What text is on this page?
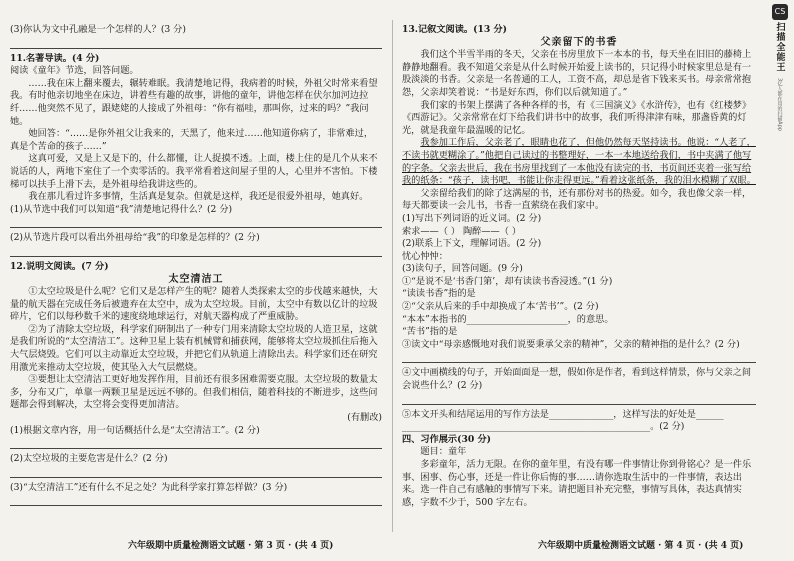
(3)你认为文中孔融是一个怎样的人？(3 分)
11.名著导读。(4 分)
阅读《童年》节选，回答问题。
……我在床上翻来覆去，辗转难眠。我清楚地记得，我病着的时候，外祖父时常来看望我。有时他亲切地坐在床边，讲着些有趣的故事，讲他的童年，讲他怎样在伏尔加河边拉纤……他突然不见了，跟姥姥的人接成了外祖母：“你有福哇，那叫你，过来的吗？”我问她。
她回答：“……是你外祖父让我来的，天黑了，他来过……他知道你病了，非常难过，真是个苦命的孩子……”
这真可爱，又是上又是下的，什么都懂，让人捉摸不透。上面，楼上住的是几个从来不说话的人，两地下室住了一个卖零活的。我平常看着这间屋子里的人，心里并不害怕。下楼梯可以扶手上滑下去，是外祖母给我讲这些的。
我在那儿看过许多事情，生活真是复杂。但就是这样，我还是很爱外祖母，她真好。
(1)从节选中我们可以知道“我”清楚地记得什么？(2 分)
(2)从节选片段可以看出外祖母给“我”的印象是怎样的？(2 分)
12.说明文阅读。(7 分)
太空清洁工
①太空垃圾是什么呢？它们又是怎样产生的呢？随着人类探索太空的步伐越来越快，大量的航天器在完成任务后被遗弃在太空中，成为太空垃圾。目前，太空中有数以亿计的垃圾碎片，它们以每秒数千米的速度绕地球运行，对航天器构成了严重威胁。
②为了清除太空垃圾，科学家们研制出了一种专门用来清除太空垃圾的人造卫星，这就是我们所说的“太空清洁工”。这种卫星上装有机械臂和捕获网，能够将太空垃圾抓住后拖入大气层烧毁。它们可以主动靠近太空垃圾，并把它们从轨道上清除出去。科学家们还在研究用激光来推动太空垃圾，使其坠入大气层燃烧。
③要想让太空清洁工更好地发挥作用，目前还有很多困难需要克服。太空垃圾的数量太多，分布又广，单靠一两颗卫星是远远不够的。但我们相信，随着科技的不断进步，这些问题都会得到解决，太空将会变得更加清洁。
(有删改)
(1)根据文章内容，用一句话概括什么是“太空清洁工”。(2 分)
(2)太空垃圾的主要危害是什么？(2 分)
(3)“太空清洁工”还有什么不足之处？为此科学家打算怎样做？(3 分)
13.记叙文阅读。(13 分)
父亲留下的书香
我们这个半雪半雨的冬天，父亲在书房里放下一本本的书，每天坐在旧旧的藤椅上静静地翻看。我不知道父亲是从什么时候开始爱上读书的，只记得小时候家里总是有一股淡淡的书香。父亲是一名普通的工人，工资不高，却总是省下钱来买书。母亲常常抱怨，父亲却笑着说：“书是好东西，你们以后就知道了。”
我们家的书架上摆满了各种各样的书，有《三国演义》《水浒传》，也有《红楼梦》《西游记》。父亲常常在灯下给我们讲书中的故事，我们听得津津有味，那盏昏黄的灯光，就是我童年最温暖的记忆。
我参加工作后，父亲老了，眼睛也花了，但他仍然每天坚持读书。他说：“人老了，不读书就更糊涂了。”他把自己读过的书整理好，一本一本地送给我们，书中夹满了他写的字条。父亲去世后，我在书房里找到了一本他没有读完的书，书页间还夹着一张写给我的纸条：“孩子，读书吧，书能让你走得更远。”看着这张纸条，我的泪水模糊了双眼。
父亲留给我们的除了这满屋的书，还有那份对书的热爱。如今，我也像父亲一样，每天都要读一会儿书，书香一直萦绕在我们家中。
(1)写出下列词语的近义词。(2 分)
索求——（ ） 陶醉——（ ）
(2)联系上下文，理解词语。(2 分)
忧心忡忡：
(3)读句子，回答问题。(9 分)
①“是说不是‘书香门第’，却有读读书香浸透。”(1 分)
“读读书香”指的是
②“父亲从后来的手中却换成了本‘苦书’”。(2 分)
“本本”本指书的______________________，的意思。
“苦书”指的是
③读文中“母亲感慨地对我们说要秉承父亲的精神”，父亲的精神指的是什么？(2 分)
④文中画横线的句子，开始面面是一想，假如你是作者，看到这样情景，你与父亲之间会说些什么？(2 分)
⑤本文开头和结尾运用的写作方法是______________，这样写法的好处是______
______________________________________________________。(2 分)
四、习作展示(30 分)
题目：童年
多彩童年，活力无限。在你的童年里，有没有哪一件事情让你到骨铭心？是一件乐事、困事、伤心事，还是一件让你后悔的事……请你选取生活中的一件事情，表达出来。选一件自己有感触的事情写下来。请把题目补充完整，事情写具体，表达真情实感，字数不少于，500 字左右。
六年级期中质量检测语文试题 · 第 3 页 · (共 4 页)	六年级期中质量检测语文试题 · 第 4 页 · (共 4 页)
CS
扫描全能王 3亿人都在用的扫描App
